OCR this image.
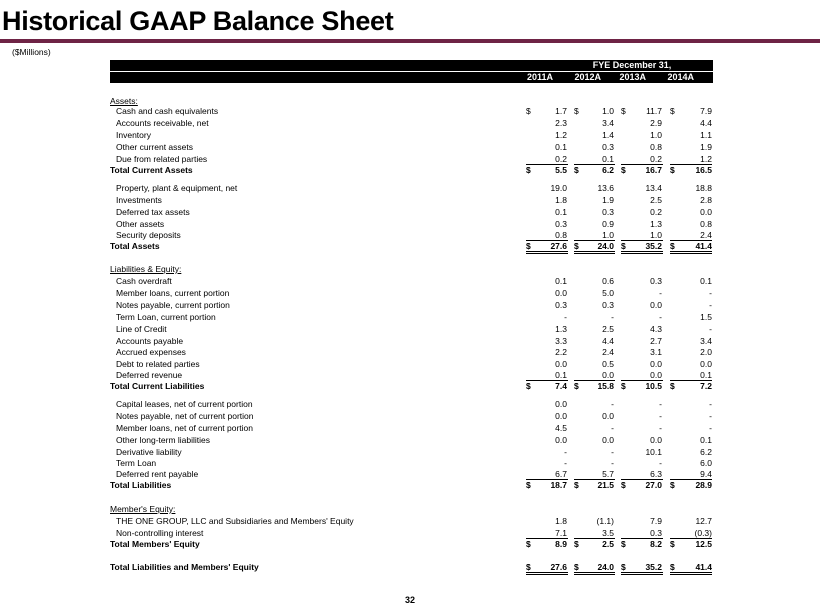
Historical GAAP Balance Sheet
($Millions)
FYE December 31,
2011A	2012A	2013A	2014A
Assets:
Cash and cash equivalents	$	1.7 $	1.0 $	11.7 $	7.9
Accounts receivable, net	2.3	3.4	2.9	4.4
Inventory	1.2	1.4	1.0	1.1
Other current assets	0.1	0.3	0.8	1.9
Due from related parties	0.2	0.1	0.2	1.2
Total Current Assets	$	5.5 $	6.2 $	16.7 $	16.5
Property, plant & equipment, net	19.0	13.6	13.4	18.8
Investments	1.8	1.9	2.5	2.8
Deferred tax assets	0.1	0.3	0.2	0.0
Other assets	0.3	0.9	1.3	0.8
Security deposits	0.8	1.0	1.0	2.4
Total Assets	$	27.6 $	24.0 $	35.2 $	41.4
Liabilities & Equity:
Cash overdraft	0.1	0.6	0.3	0.1
Member loans, current portion	0.0	5.0	-	-
Notes payable, current portion	0.3	0.3	0.0	-
Term Loan, current portion	-	-	-	1.5
Line of Credit	1.3	2.5	4.3	-
Accounts payable	3.3	4.4	2.7	3.4
Accrued expenses	2.2	2.4	3.1	2.0
Debt to related parties	0.0	0.5	0.0	0.0
Deferred revenue	0.1	0.0	0.0	0.1
Total Current Liabilities	$	7.4 $	15.8 $	10.5 $	7.2
Capital leases, net of current portion	0.0	-	-	-
Notes payable, net of current portion	0.0	0.0	-	-
Member loans, net of current portion	4.5	-	-	-
Other long-term liabilities	0.0	0.0	0.0	0.1
Derivative liability	-	-	10.1	6.2
Term Loan	-	-	-	6.0
Deferred rent payable	6.7	5.7	6.3	9.4
Total Liabilities	$	18.7 $	21.5 $	27.0 $	28.9
Member's Equity:
THE ONE GROUP, LLC and Subsidiaries and Members' Equity	1.8	(1.1)	7.9	12.7
Non-controlling interest	7.1	3.5	0.3	(0.3)
Total Members' Equity	$	8.9 $	2.5 $	8.2 $	12.5
Total Liabilities and Members' Equity	$	27.6 $	24.0 $	35.2 $	41.4
32
